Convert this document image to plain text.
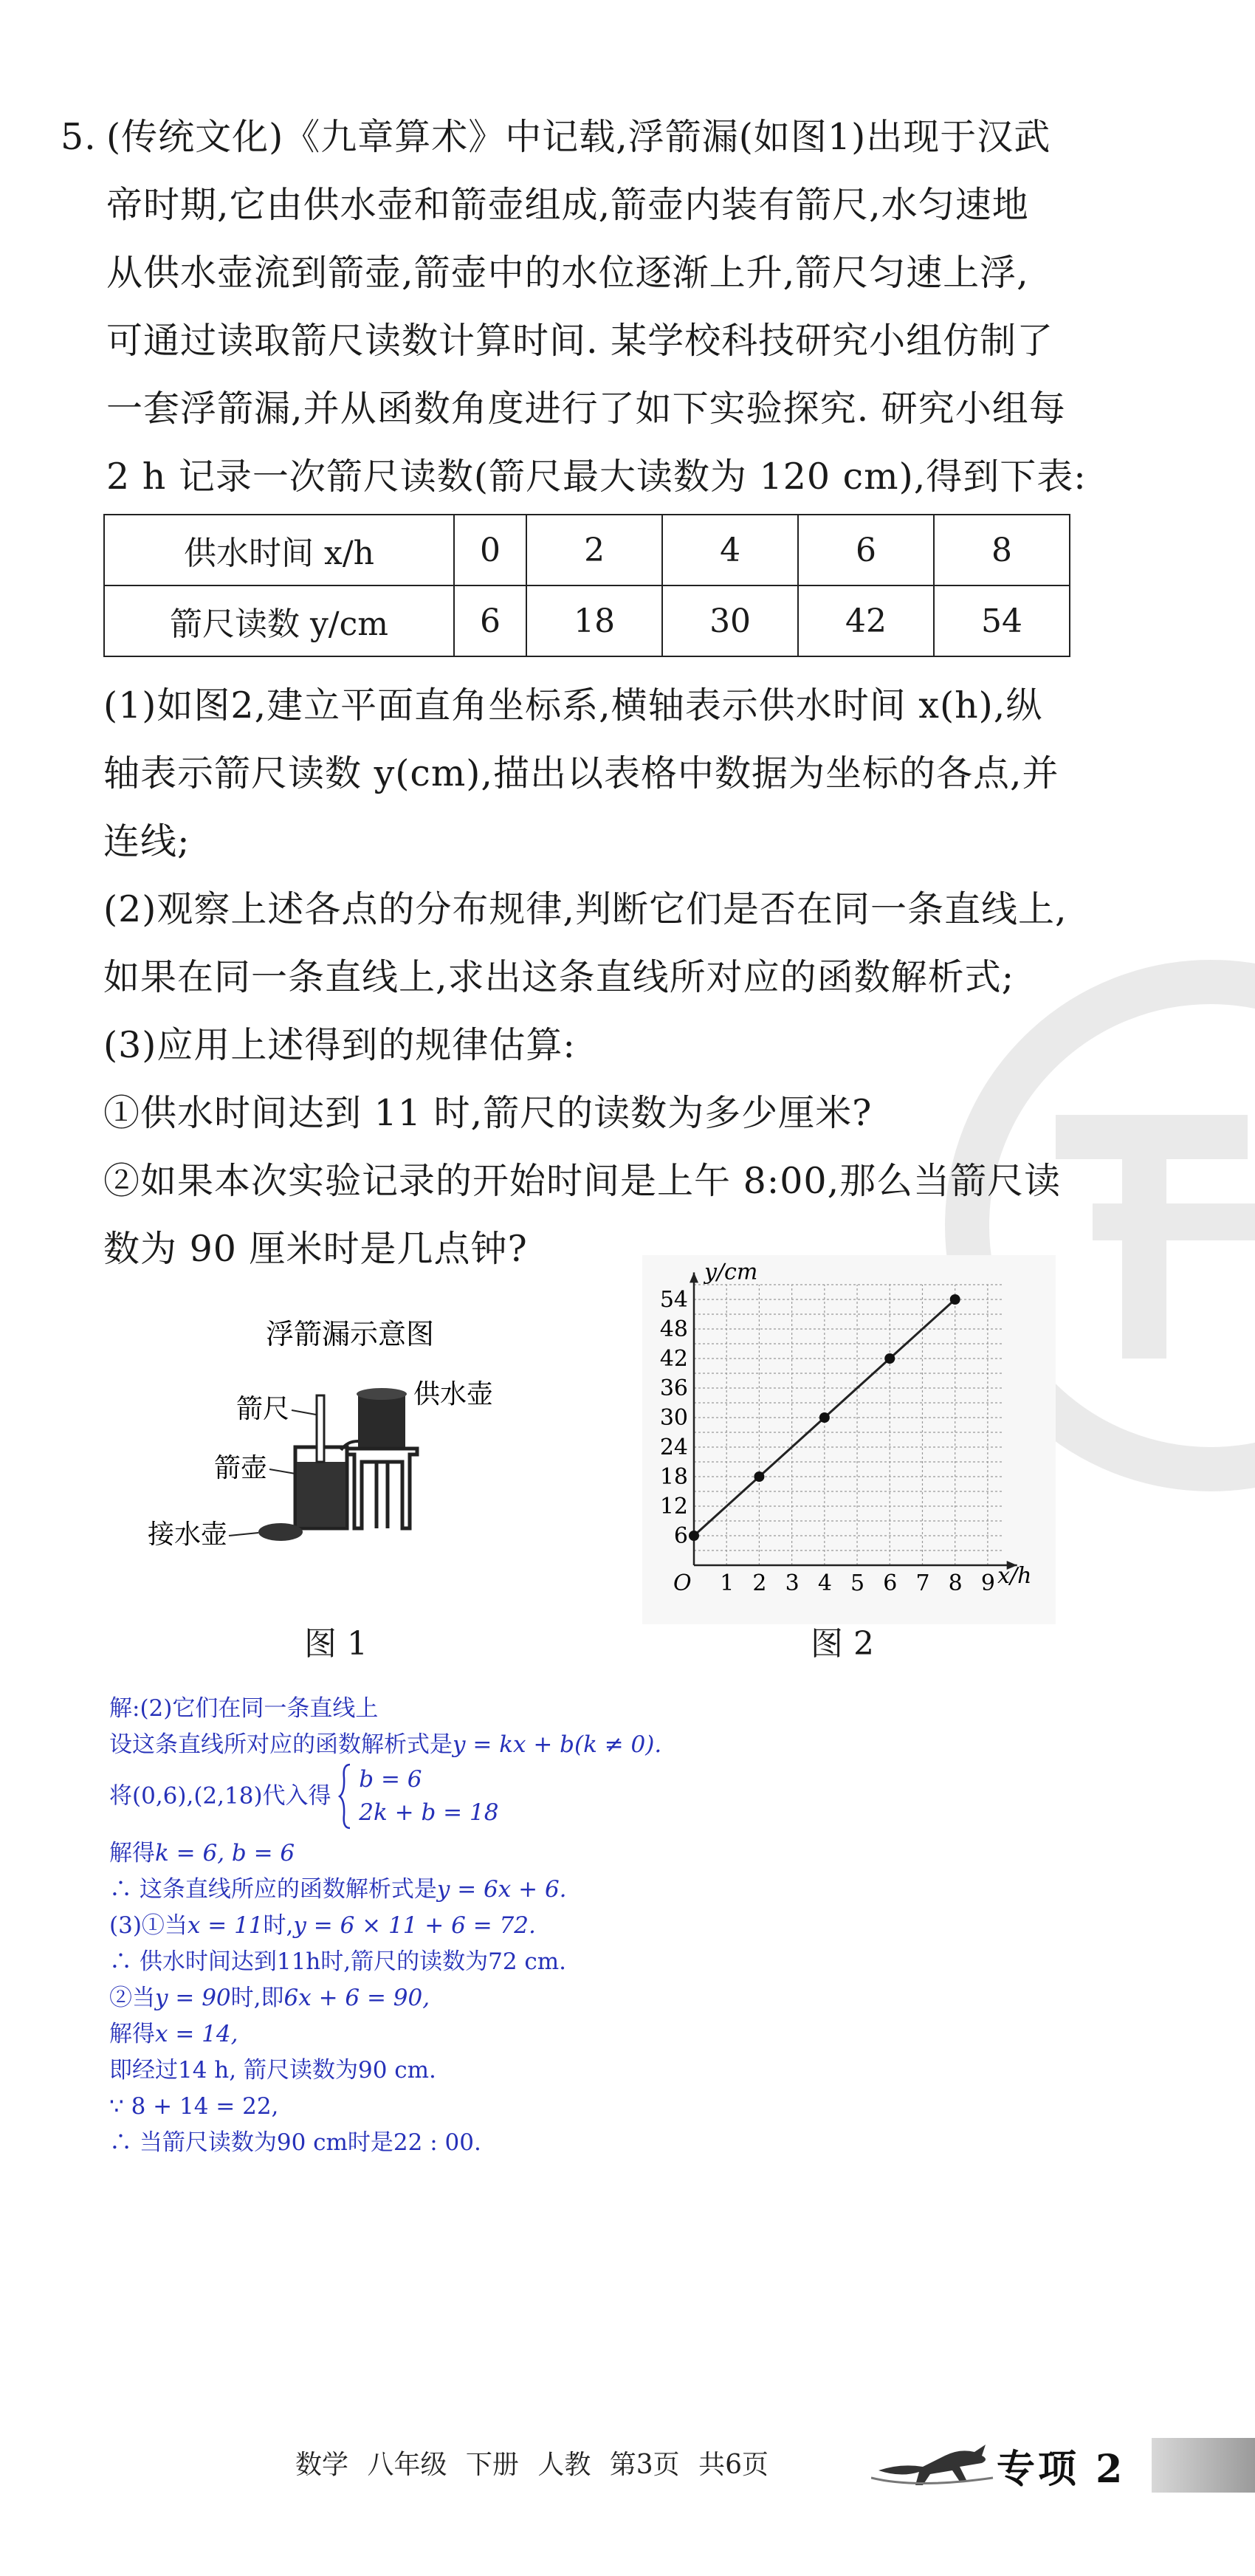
5. (传统文化)《九章算术》中记载,浮箭漏(如图1)出现于汉武
帝时期,它由供水壶和箭壶组成,箭壶内装有箭尺,水匀速地
从供水壶流到箭壶,箭壶中的水位逐渐上升,箭尺匀速上浮,
可通过读取箭尺读数计算时间. 某学校科技研究小组仿制了
一套浮箭漏,并从函数角度进行了如下实验探究. 研究小组每
2 h 记录一次箭尺读数(箭尺最大读数为 120 cm),得到下表:
供水时间 x/h	0	2	4	6	8
箭尺读数 y/cm	6	18	30	42	54
(1)如图2,建立平面直角坐标系,横轴表示供水时间 x(h),纵
轴表示箭尺读数 y(cm),描出以表格中数据为坐标的各点,并
连线;
(2)观察上述各点的分布规律,判断它们是否在同一条直线上,
如果在同一条直线上,求出这条直线所对应的函数解析式;
(3)应用上述得到的规律估算:
①供水时间达到 11 时,箭尺的读数为多少厘米?
②如果本次实验记录的开始时间是上午 8:00,那么当箭尺读
数为 90 厘米时是几点钟?
浮箭漏示意图
箭尺	供水壶
箭壶
接水壶
图 1
O 1 2 3 4 5 6 7 8 9
6
12
18
24
30
36
42
48
54
x/h
y/cm
图 2
解:(2)它们在同一条直线上
设这条直线所对应的函数解析式是y = kx + b(k ≠ 0).
将(0,6),(2,18)代入得
b = 6
2k + b = 18
解得k = 6, b = 6
∴ 这条直线所应的函数解析式是y = 6x + 6.
(3)①当x = 11时,y = 6 × 11 + 6 = 72.
∴ 供水时间达到11h时,箭尺的读数为72 cm.
②当y = 90时,即6x + 6 = 90,
解得x = 14,
即经过14 h, 箭尺读数为90 cm.
∵ 8 + 14 = 22,
∴ 当箭尺读数为90 cm时是22 : 00.
数学 八年级 下册 人教 第3页 共6页	专项 2
